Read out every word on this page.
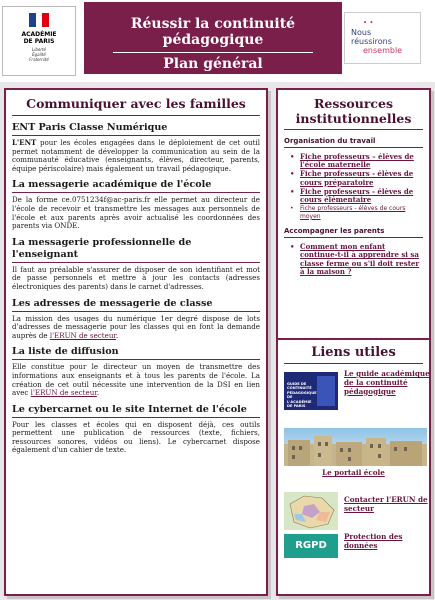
ACADÉMIE
DE PARIS
Liberté
Égalité
Fraternité
Réussir la continuité
pédagogique
Plan général
• •
Nous
réussirons
ensemble
Communiquer avec les familles
ENT Paris Classe Numérique

L'ENT pour les écoles engagées dans le déploiement de cet outil permet notamment de développer la communication au sein de la communauté éducative (enseignants, élèves, directeur, parents, équipe périscolaire) mais également un travail pédagogique.

La messagerie académique de l'école

De la forme ce.0751234f@ac-paris.fr elle permet au directeur de l'école de recevoir et transmettre les messages aux personnels de l'école et aux parents après avoir actualisé les coordonnées des parents via ONDE.

La messagerie professionnelle de l'enseignant

Il faut au préalable s'assurer de disposer de son identifiant et mot de passe personnels et mettre à jour les contacts (adresses électroniques des parents) dans le carnet d'adresses.

Les adresses de messagerie de classe

La mission des usages du numérique 1er degré dispose de lots d'adresses de messagerie pour les classes qui en font la demande auprès de l'ERUN de secteur.

La liste de diffusion

Elle constitue pour le directeur un moyen de transmettre des informations aux enseignants et à tous les parents de l'école. La création de cet outil nécessite une intervention de la DSI en lien avec l'ERUN de secteur.

Le cybercarnet ou le site Internet de l'école

Pour les classes et écoles qui en disposent déjà, ces outils permettent une publication de ressources (texte, fichiers, ressources sonores, vidéos ou liens). Le cybercarnet dispose également d'un cahier de texte.

Ressources institutionnelles
Organisation du travail
• Fiche professeurs – élèves de l'école maternelle
• Fiche professeurs - élèves de cours préparatoire
• Fiche professeurs - élèves de cours élémentaire
• Fiche professeurs - élèves de cours moyen
Accompagner les parents
• Comment mon enfant continue-t-il à apprendre si sa classe ferme ou s'il doit rester à la maison ?
Liens utiles
GUIDE DE CONTINUITÉ PÉDAGOGIQUE DE L'ACADÉMIE DE PARIS
Le guide académique de la continuité pédagogique
Le portail école
Contacter l'ERUN de secteur
RGPD
Protection des données
